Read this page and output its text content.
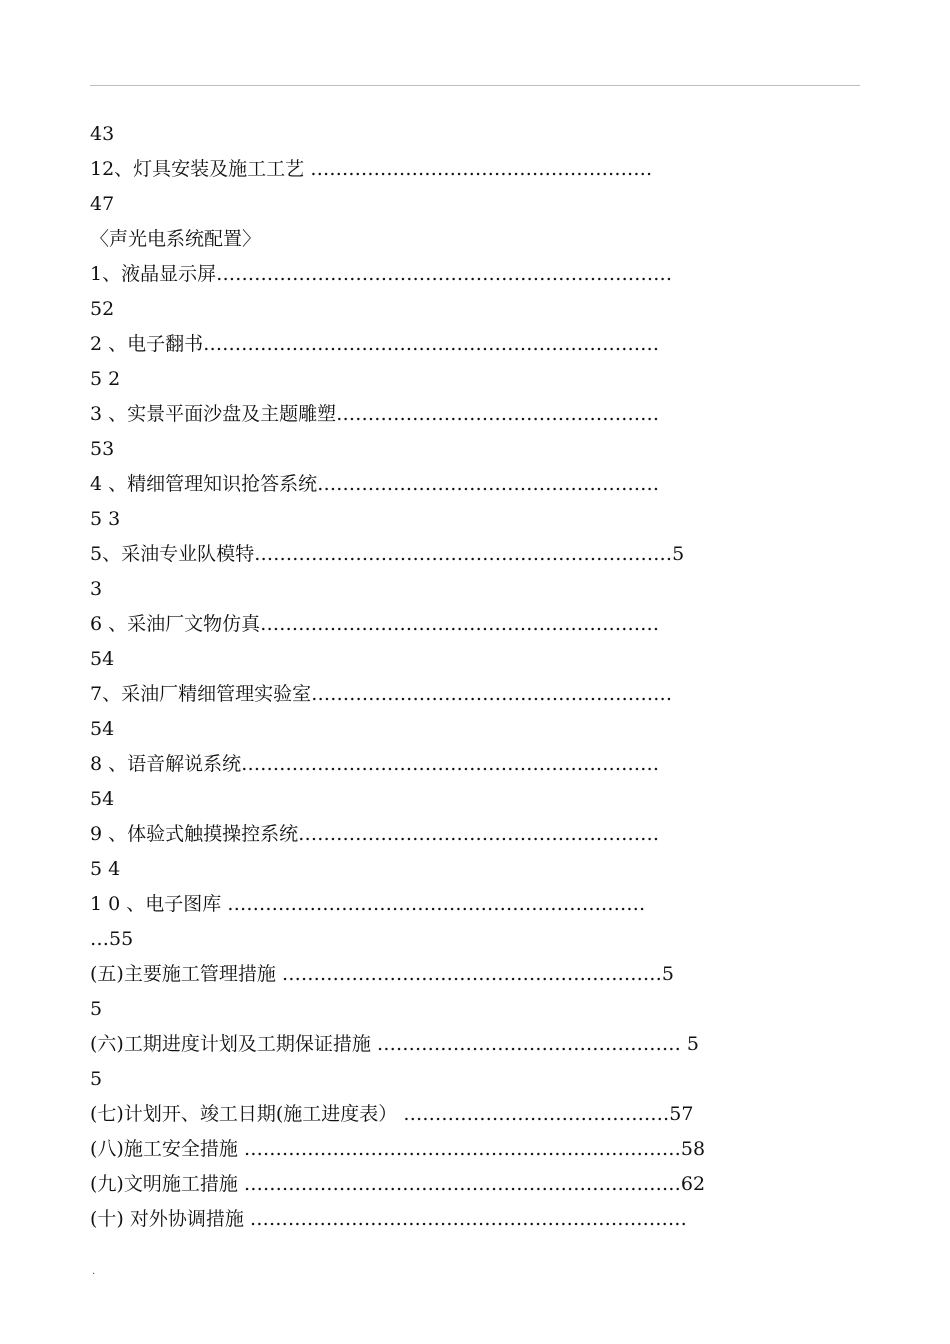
43
12、灯具安装及施工工艺 ………………………………………………
47
〈声光电系统配置〉
1、液晶显示屏………………………………………………………………
52
2 、电子翻书………………………………………………………………
5 2
3 、实景平面沙盘及主题雕塑……………………………………………
53
4 、精细管理知识抢答系统………………………………………………
5 3
5、采油专业队模特…………………………………………………………5
3
6 、采油厂文物仿真………………………………………………………
54
7、采油厂精细管理实验室…………………………………………………
54
8 、语音解说系统…………………………………………………………
54
9 、体验式触摸操控系统…………………………………………………
5 4
1 0 、电子图库 …………………………………………………………
…55
(五)主要施工管理措施 ……………………………………………………5
5
(六)工期进度计划及工期保证措施 ………………………………………… 5
5
(七)计划开、竣工日期(施工进度表） ……………………………………57
(八)施工安全措施 ……………………………………………………………58
(九)文明施工措施 ……………………………………………………………62
(十) 对外协调措施 ……………………………………………………………
.
